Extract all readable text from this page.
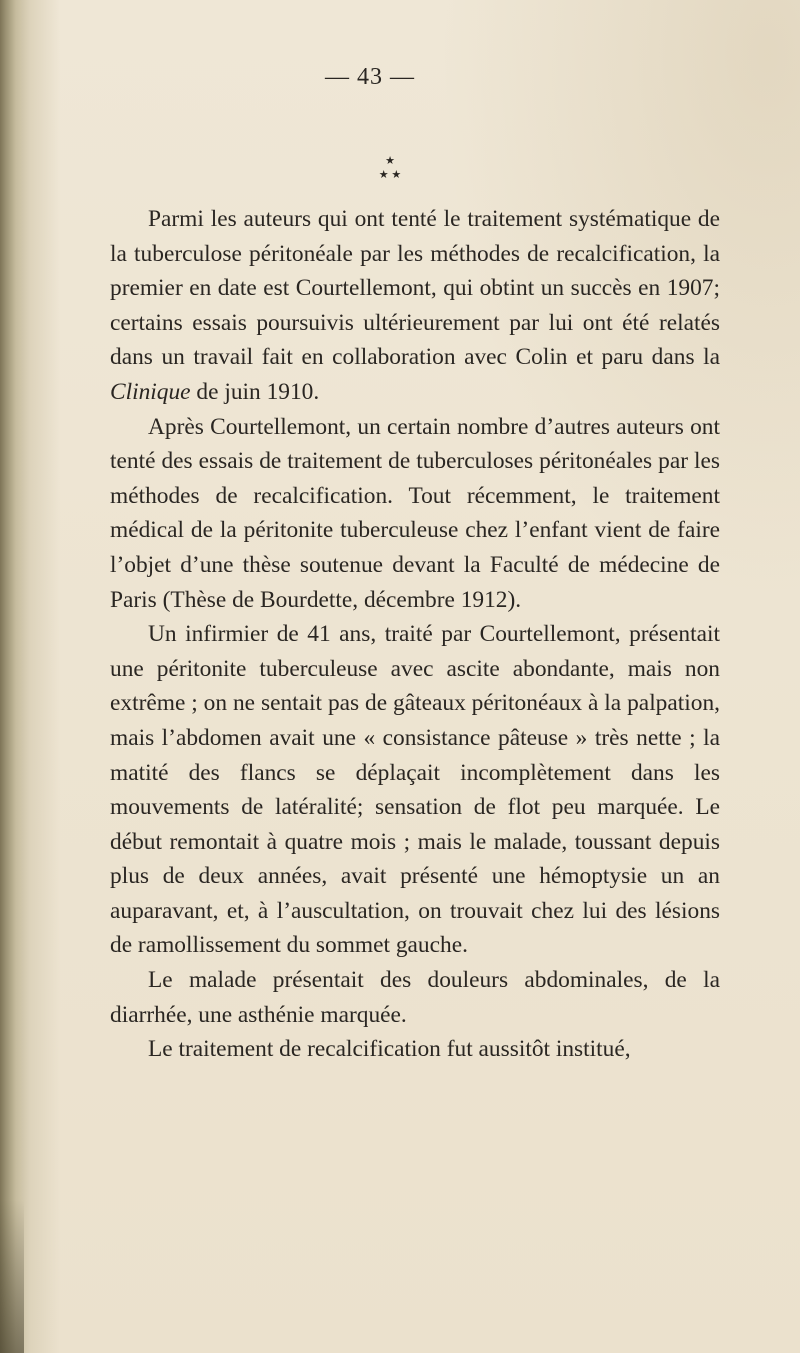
— 43 —
★
★ ★

Parmi les auteurs qui ont tenté le traitement systématique de la tuberculose péritonéale par les méthodes de recalcification, la premier en date est Courtellemont, qui obtint un succès en 1907; certains essais poursuivis ultérieurement par lui ont été relatés dans un travail fait en collaboration avec Colin et paru dans la Clinique de juin 1910.

Après Courtellemont, un certain nombre d’autres auteurs ont tenté des essais de traitement de tuberculoses péritonéales par les méthodes de recalcification. Tout récemment, le traitement médical de la péritonite tuberculeuse chez l’enfant vient de faire l’objet d’une thèse soutenue devant la Faculté de médecine de Paris (Thèse de Bourdette, décembre 1912).

Un infirmier de 41 ans, traité par Courtellemont, présentait une péritonite tuberculeuse avec ascite abondante, mais non extrême ; on ne sentait pas de gâteaux péritonéaux à la palpation, mais l’abdomen avait une « consistance pâteuse » très nette ; la matité des flancs se déplaçait incomplètement dans les mouvements de latéralité; sensation de flot peu marquée. Le début remontait à quatre mois ; mais le malade, toussant depuis plus de deux années, avait présenté une hémoptysie un an auparavant, et, à l’auscultation, on trouvait chez lui des lésions de ramollissement du sommet gauche.

Le malade présentait des douleurs abdominales, de la diarrhée, une asthénie marquée.

Le traitement de recalcification fut aussitôt institué,
